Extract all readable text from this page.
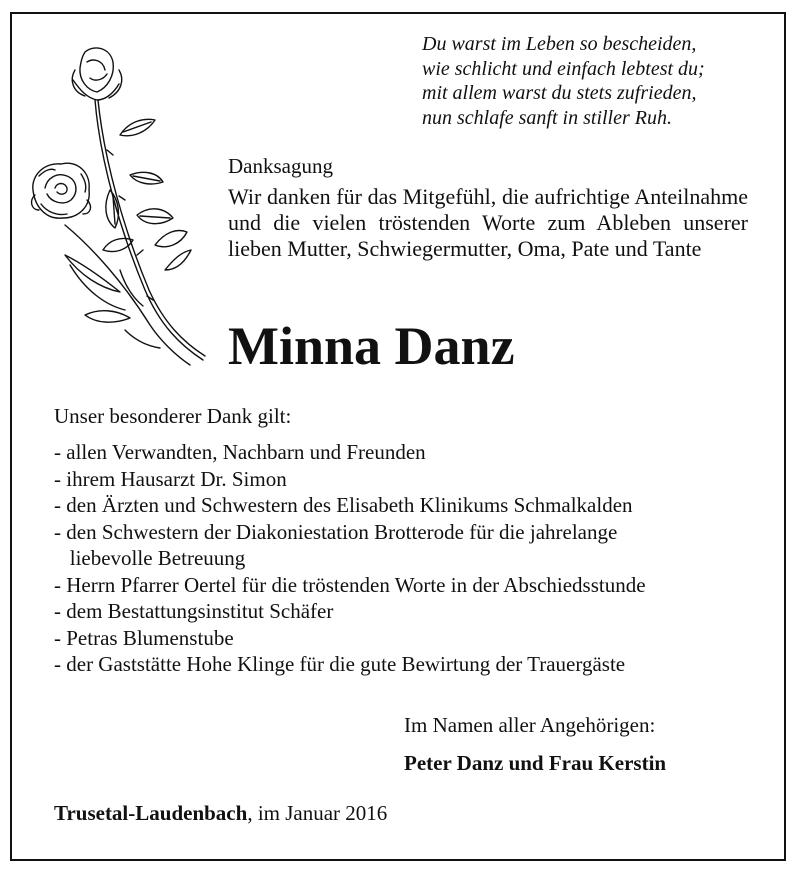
Du warst im Leben so bescheiden,
wie schlicht und einfach lebtest du;
mit allem warst du stets zufrieden,
nun schlafe sanft in stiller Ruh.
Danksagung
Wir danken für das Mitgefühl, die aufrichtige Anteilnahme und die vielen tröstenden Worte zum Ableben unserer lieben Mutter, Schwiegermutter, Oma, Pate und Tante
Minna Danz
Unser besonderer Dank gilt:
- allen Verwandten, Nachbarn und Freunden
- ihrem Hausarzt Dr. Simon
- den Ärzten und Schwestern des Elisabeth Klinikums Schmalkalden
- den Schwestern der Diakoniestation Brotterode für die jahrelange
liebevolle Betreuung
- Herrn Pfarrer Oertel für die tröstenden Worte in der Abschiedsstunde
- dem Bestattungsinstitut Schäfer
- Petras Blumenstube
- der Gaststätte Hohe Klinge für die gute Bewirtung der Trauergäste
Im Namen aller Angehörigen:
Peter Danz und Frau Kerstin
Trusetal-Laudenbach, im Januar 2016
